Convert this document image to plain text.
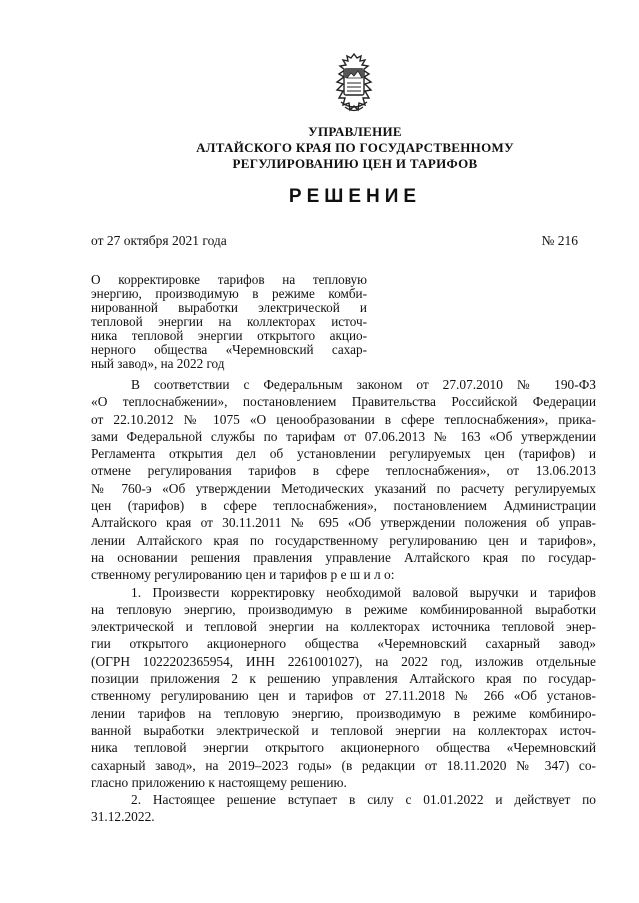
УПРАВЛЕНИЕ
АЛТАЙСКОГО КРАЯ ПО ГОСУДАРСТВЕННОМУ
РЕГУЛИРОВАНИЮ ЦЕН И ТАРИФОВ
РЕШЕНИЕ
от 27 октября 2021 года	№ 216
О корректировке тарифов на тепловую
энергию, производимую в режиме комби-
нированной выработки электрической и
тепловой энергии на коллекторах источ-
ника тепловой энергии открытого акцио-
нерного общества «Черемновский сахар-
ный завод», на 2022 год
В соответствии с Федеральным законом от 27.07.2010 № 190-ФЗ
«О теплоснабжении», постановлением Правительства Российской Федерации
от 22.10.2012 № 1075 «О ценообразовании в сфере теплоснабжения», прика-
зами Федеральной службы по тарифам от 07.06.2013 № 163 «Об утверждении
Регламента открытия дел об установлении регулируемых цен (тарифов) и
отмене регулирования тарифов в сфере теплоснабжения», от 13.06.2013
№ 760-э «Об утверждении Методических указаний по расчету регулируемых
цен (тарифов) в сфере теплоснабжения», постановлением Администрации
Алтайского края от 30.11.2011 № 695 «Об утверждении положения об управ-
лении Алтайского края по государственному регулированию цен и тарифов»,
на основании решения правления управление Алтайского края по государ-
ственному регулированию цен и тарифов р е ш и л о:
1. Произвести корректировку необходимой валовой выручки и тарифов
на тепловую энергию, производимую в режиме комбинированной выработки
электрической и тепловой энергии на коллекторах источника тепловой энер-
гии открытого акционерного общества «Черемновский сахарный завод»
(ОГРН 1022202365954, ИНН 2261001027), на 2022 год, изложив отдельные
позиции приложения 2 к решению управления Алтайского края по государ-
ственному регулированию цен и тарифов от 27.11.2018 № 266 «Об установ-
лении тарифов на тепловую энергию, производимую в режиме комбиниро-
ванной выработки электрической и тепловой энергии на коллекторах источ-
ника тепловой энергии открытого акционерного общества «Черемновский
сахарный завод», на 2019–2023 годы» (в редакции от 18.11.2020 № 347) со-
гласно приложению к настоящему решению.
2. Настоящее решение вступает в силу с 01.01.2022 и действует по
31.12.2022.
